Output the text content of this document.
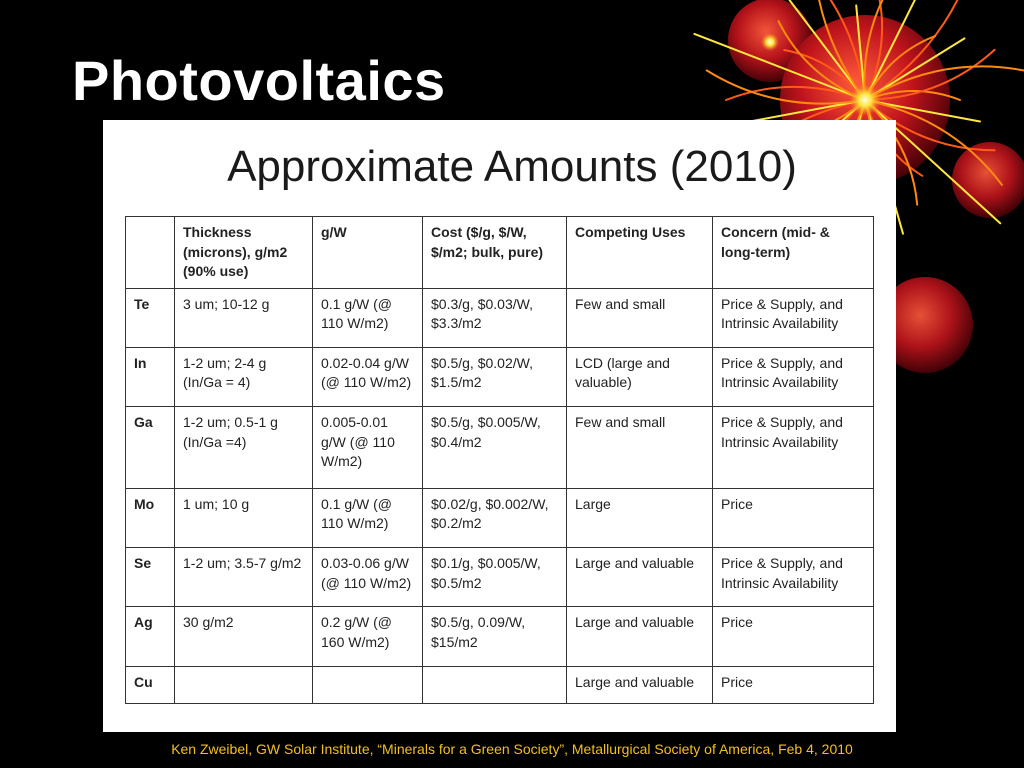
Photovoltaics
Approximate Amounts (2010)
	Thickness (microns), g/m2 (90% use)	g/W	Cost ($/g, $/W, $/m2; bulk, pure)	Competing Uses	Concern (mid- & long-term)
Te	3 um; 10-12 g	0.1 g/W (@ 110 W/m2)	$0.3/g, $0.03/W, $3.3/m2	Few and small	Price & Supply, and Intrinsic Availability
In	1-2 um; 2-4 g (In/Ga = 4)	0.02-0.04 g/W (@ 110 W/m2)	$0.5/g, $0.02/W, $1.5/m2	LCD (large and valuable)	Price & Supply, and Intrinsic Availability
Ga	1-2 um; 0.5-1 g (In/Ga =4)	0.005-0.01 g/W (@ 110 W/m2)	$0.5/g, $0.005/W, $0.4/m2	Few and small	Price & Supply, and Intrinsic Availability
Mo	1 um; 10 g	0.1 g/W (@ 110 W/m2)	$0.02/g, $0.002/W, $0.2/m2	Large	Price
Se	1-2 um; 3.5-7 g/m2	0.03-0.06 g/W (@ 110 W/m2)	$0.1/g, $0.005/W, $0.5/m2	Large and valuable	Price & Supply, and Intrinsic Availability
Ag	30 g/m2	0.2 g/W (@ 160 W/m2)	$0.5/g, 0.09/W, $15/m2	Large and valuable	Price
Cu				Large and valuable	Price

Ken Zweibel, GW Solar Institute, “Minerals for a Green Society”, Metallurgical Society of America, Feb 4, 2010
